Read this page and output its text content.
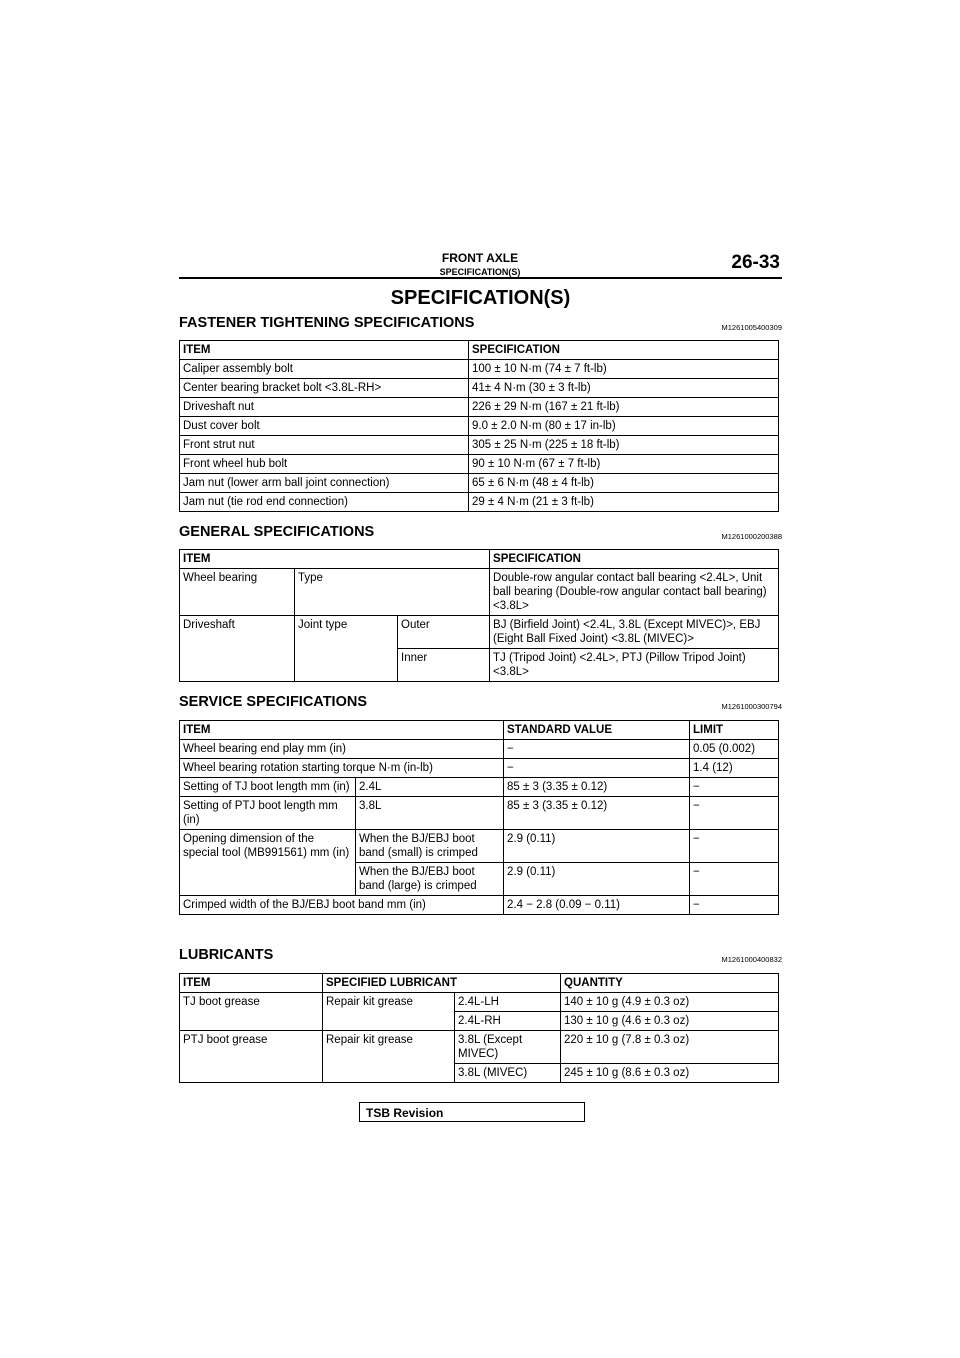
FRONT AXLE
SPECIFICATION(S)	26-33
SPECIFICATION(S)
FASTENER TIGHTENING SPECIFICATIONS	M1261005400309
ITEM	SPECIFICATION
Caliper assembly bolt	100 ± 10 N·m (74 ± 7 ft-lb)
Center bearing bracket bolt <3.8L-RH>	41± 4 N·m (30 ± 3 ft-lb)
Driveshaft nut	226 ± 29 N·m (167 ± 21 ft-lb)
Dust cover bolt	9.0 ± 2.0 N·m (80 ± 17 in-lb)
Front strut nut	305 ± 25 N·m (225 ± 18 ft-lb)
Front wheel hub bolt	90 ± 10 N·m (67 ± 7 ft-lb)
Jam nut (lower arm ball joint connection)	65 ± 6 N·m (48 ± 4 ft-lb)
Jam nut (tie rod end connection)	29 ± 4 N·m (21 ± 3 ft-lb)
GENERAL SPECIFICATIONS	M1261000200388
ITEM			SPECIFICATION
Wheel bearing	Type		Double-row angular contact ball bearing <2.4L>, Unit ball bearing (Double-row angular contact ball bearing) <3.8L>
Driveshaft	Joint type	Outer	BJ (Birfield Joint) <2.4L, 3.8L (Except MIVEC)>, EBJ (Eight Ball Fixed Joint) <3.8L (MIVEC)>
		Inner	TJ (Tripod Joint) <2.4L>, PTJ (Pillow Tripod Joint) <3.8L>
SERVICE SPECIFICATIONS	M1261000300794
ITEM		STANDARD VALUE	LIMIT
Wheel bearing end play mm (in)		−	0.05 (0.002)
Wheel bearing rotation starting torque N·m (in-lb)		−	1.4 (12)
Setting of TJ boot length mm (in)	2.4L	85 ± 3 (3.35 ± 0.12)	−
Setting of PTJ boot length mm (in)	3.8L	85 ± 3 (3.35 ± 0.12)	−
Opening dimension of the special tool (MB991561) mm (in)	When the BJ/EBJ boot band (small) is crimped	2.9 (0.11)	−
	When the BJ/EBJ boot band (large) is crimped	2.9 (0.11)	−
Crimped width of the BJ/EBJ boot band mm (in)		2.4 − 2.8 (0.09 − 0.11)	−
LUBRICANTS	M1261000400832
ITEM	SPECIFIED LUBRICANT		QUANTITY
TJ boot grease	Repair kit grease	2.4L-LH	140 ± 10 g (4.9 ± 0.3 oz)
		2.4L-RH	130 ± 10 g (4.6 ± 0.3 oz)
PTJ boot grease	Repair kit grease	3.8L (Except MIVEC)	220 ± 10 g (7.8 ± 0.3 oz)
		3.8L (MIVEC)	245 ± 10 g (8.6 ± 0.3 oz)
TSB Revision
